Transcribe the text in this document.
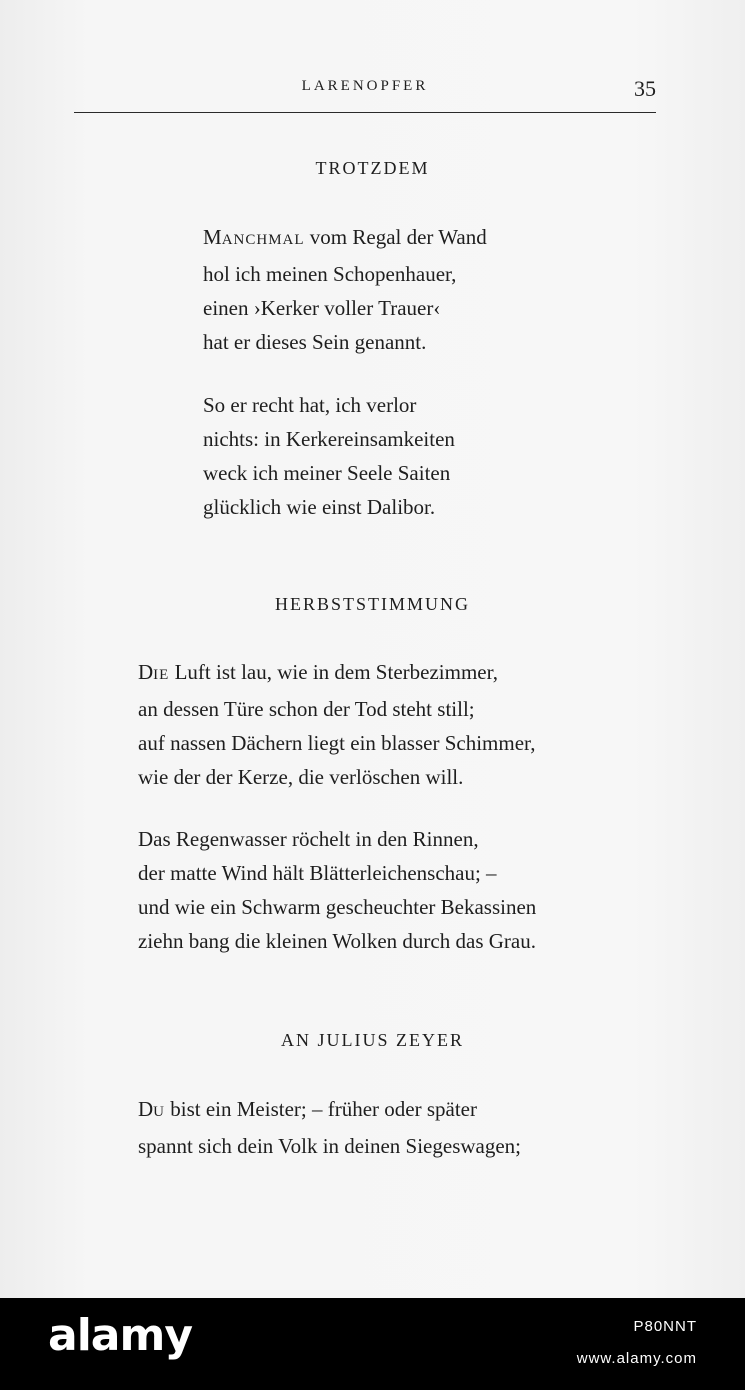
LARENOPFER	35
TROTZDEM
MANCHMAL vom Regal der Wand
hol ich meinen Schopenhauer,
einen ›Kerker voller Trauer‹
hat er dieses Sein genannt.
So er recht hat, ich verlor
nichts: in Kerkereinsamkeiten
weck ich meiner Seele Saiten
glücklich wie einst Dalibor.
HERBSTSTIMMUNG
DIE Luft ist lau, wie in dem Sterbezimmer,
an dessen Türe schon der Tod steht still;
auf nassen Dächern liegt ein blasser Schimmer,
wie der der Kerze, die verlöschen will.
Das Regenwasser röchelt in den Rinnen,
der matte Wind hält Blätterleichenschau; –
und wie ein Schwarm gescheuchter Bekassinen
ziehn bang die kleinen Wolken durch das Grau.
AN JULIUS ZEYER
DU bist ein Meister; – früher oder später
spannt sich dein Volk in deinen Siegeswagen;
alamy	P80NNT
www.alamy.com
